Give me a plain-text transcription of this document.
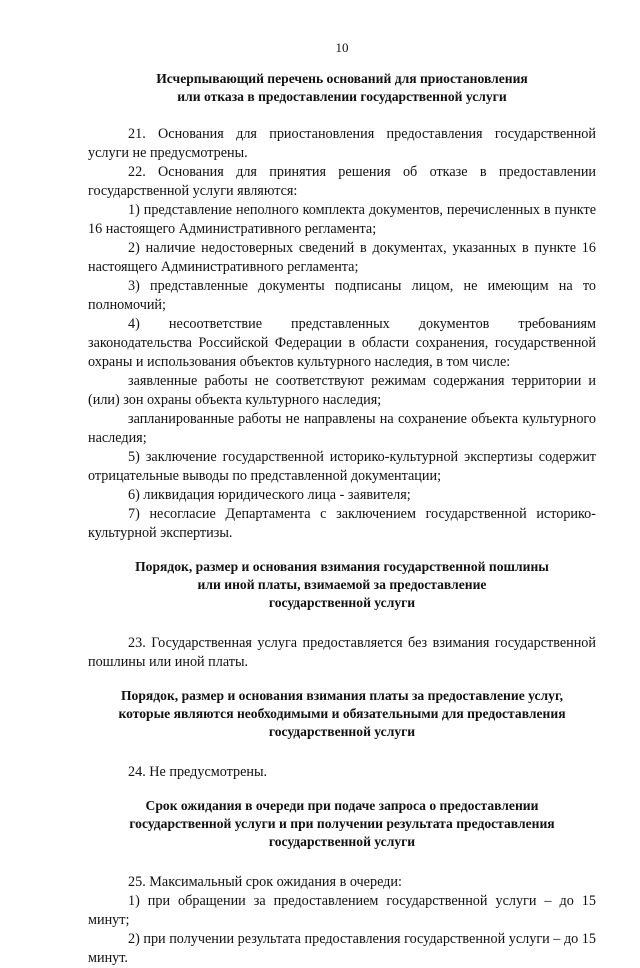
10
Исчерпывающий перечень оснований для приостановления
или отказа в предоставлении государственной услуги

21. Основания для приостановления предоставления государственной услуги не предусмотрены.

22. Основания для принятия решения об отказе в предоставлении государственной услуги являются:

1) представление неполного комплекта документов, перечисленных в пункте 16 настоящего Административного регламента;

2) наличие недостоверных сведений в документах, указанных в пункте 16 настоящего Административного регламента;

3) представленные документы подписаны лицом, не имеющим на то полномочий;

4) несоответствие представленных документов требованиям законодательства Российской Федерации в области сохранения, государственной охраны и использования объектов культурного наследия, в том числе:

заявленные работы не соответствуют режимам содержания территории и (или) зон охраны объекта культурного наследия;

запланированные работы не направлены на сохранение объекта культурного наследия;

5) заключение государственной историко-культурной экспертизы содержит отрицательные выводы по представленной документации;

6) ликвидация юридического лица - заявителя;

7) несогласие Департамента с заключением государственной историко-культурной экспертизы.

Порядок, размер и основания взимания государственной пошлины
или иной платы, взимаемой за предоставление
государственной услуги

23. Государственная услуга предоставляется без взимания государственной пошлины или иной платы.

Порядок, размер и основания взимания платы за предоставление услуг,
которые являются необходимыми и обязательными для предоставления
государственной услуги

24. Не предусмотрены.

Срок ожидания в очереди при подаче запроса о предоставлении
государственной услуги и при получении результата предоставления
государственной услуги

25. Максимальный срок ожидания в очереди:

1) при обращении за предоставлением государственной услуги – до 15 минут;

2) при получении результата предоставления государственной услуги – до 15 минут.
